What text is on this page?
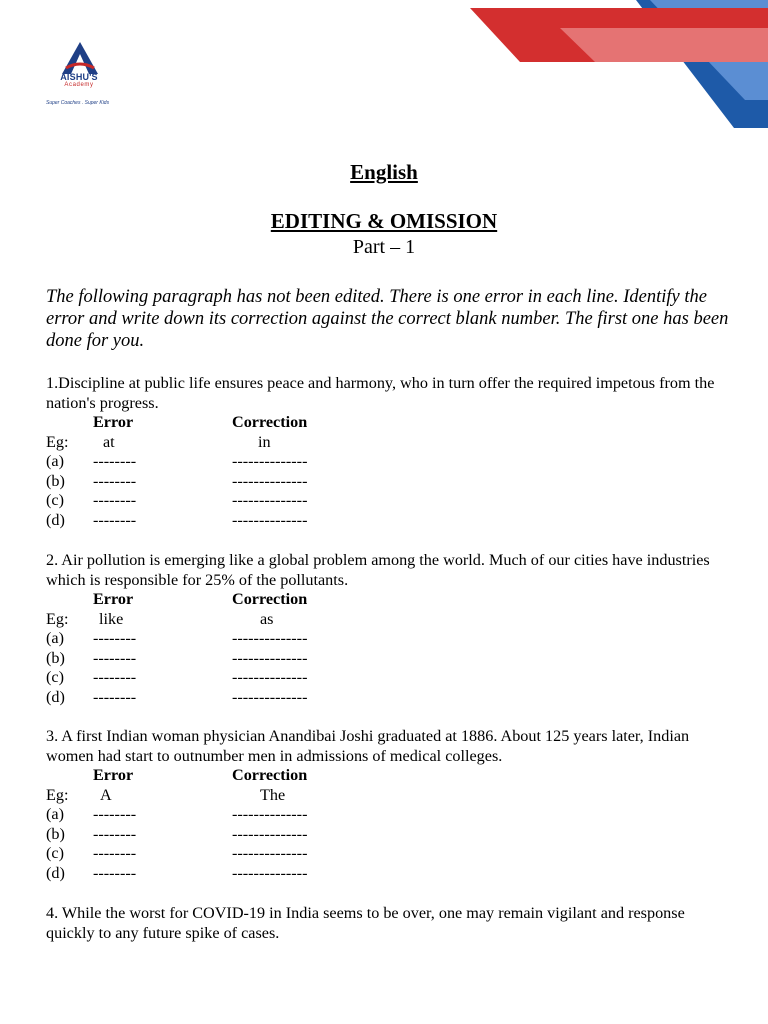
AISHU'S
Academy
Super Coaches . Super Kids
English
EDITING & OMISSION
Part – 1
The following paragraph has not been edited. There is one error in each line. Identify the error and write down its correction against the correct blank number. The first one has been done for you.
1.Discipline at public life ensures peace and harmony, who in turn offer the required impetous from the nation's progress.
Error	Correction
Eg: at	in
(a) --------	--------------
(b) --------	--------------
(c) --------	--------------
(d) --------	--------------
2. Air pollution is emerging like a global problem among the world. Much of our cities have industries which is responsible for 25% of the pollutants.
Error	Correction
Eg: like	as
(a) --------	--------------
(b) --------	--------------
(c) --------	--------------
(d) --------	--------------
3. A first Indian woman physician Anandibai Joshi graduated at 1886. About 125 years later, Indian women had start to outnumber men in admissions of medical colleges.
Error	Correction
Eg: A	The
(a) --------	--------------
(b) --------	--------------
(c) --------	--------------
(d) --------	--------------
4. While the worst for COVID-19 in India seems to be over, one may remain vigilant and response quickly to any future spike of cases.
